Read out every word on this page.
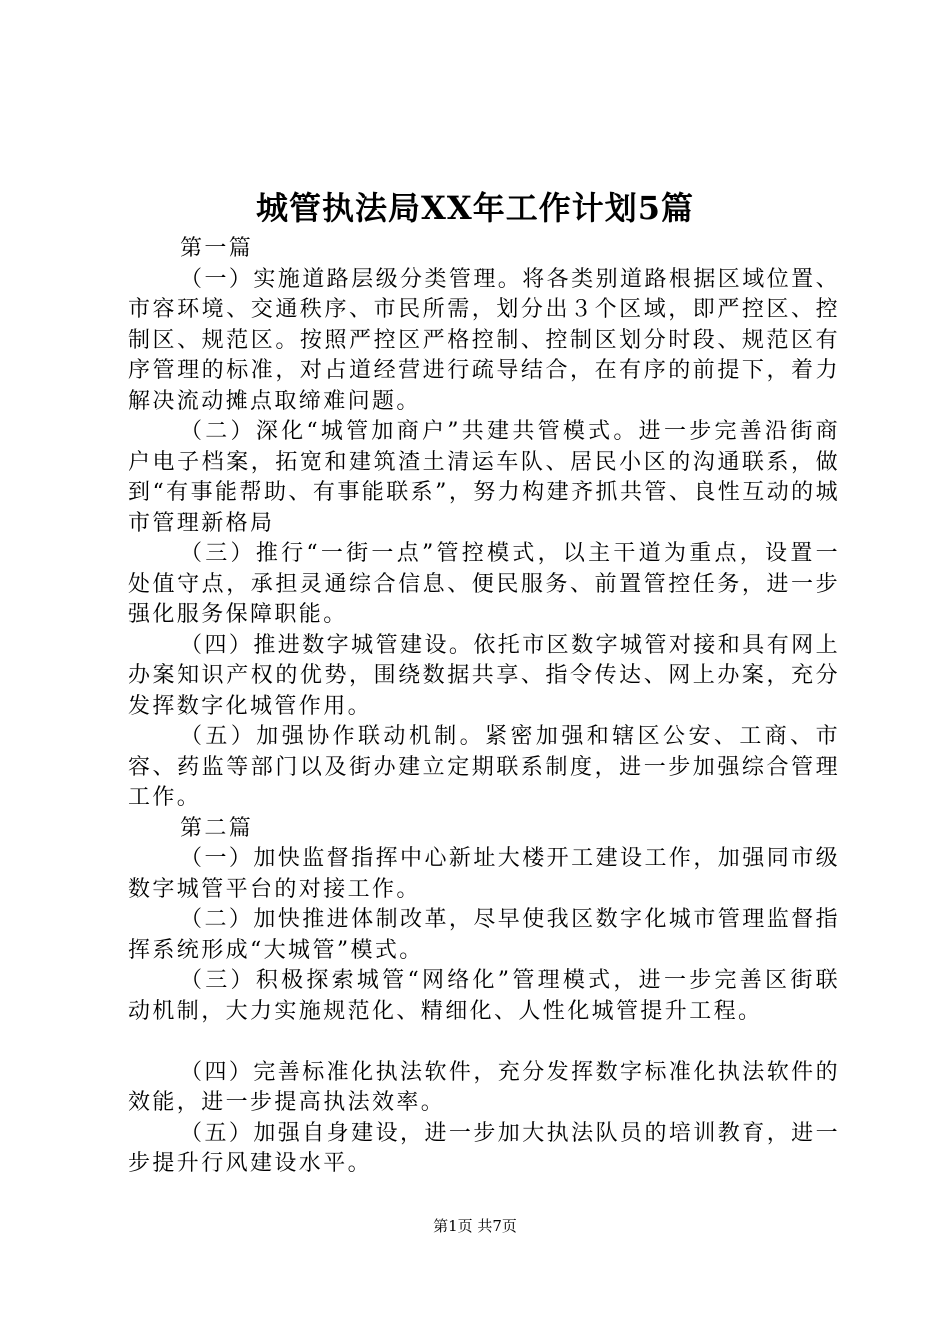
城管执法局XX年工作计划5篇

第一篇

（一）实施道路层级分类管理。将各类别道路根据区域位置、市容环境、交通秩序、市民所需，划分出３个区域，即严控区、控制区、规范区。按照严控区严格控制、控制区划分时段、规范区有序管理的标准，对占道经营进行疏导结合，在有序的前提下，着力解决流动摊点取缔难问题。

（二）深化“城管加商户”共建共管模式。进一步完善沿街商户电子档案，拓宽和建筑渣土清运车队、居民小区的沟通联系，做到“有事能帮助、有事能联系”，努力构建齐抓共管、良性互动的城市管理新格局

（三）推行“一街一点”管控模式，以主干道为重点，设置一处值守点，承担灵通综合信息、便民服务、前置管控任务，进一步强化服务保障职能。

（四）推进数字城管建设。依托市区数字城管对接和具有网上办案知识产权的优势，围绕数据共享、指令传达、网上办案，充分发挥数字化城管作用。

（五）加强协作联动机制。紧密加强和辖区公安、工商、市容、药监等部门以及街办建立定期联系制度，进一步加强综合管理工作。

第二篇

（一）加快监督指挥中心新址大楼开工建设工作，加强同市级数字城管平台的对接工作。

（二）加快推进体制改革，尽早使我区数字化城市管理监督指挥系统形成“大城管”模式。

（三）积极探索城管“网络化”管理模式，进一步完善区街联动机制，大力实施规范化、精细化、人性化城管提升工程。

（四）完善标准化执法软件，充分发挥数字标准化执法软件的效能，进一步提高执法效率。

（五）加强自身建设，进一步加大执法队员的培训教育，进一步提升行风建设水平。

第1页 共7页
